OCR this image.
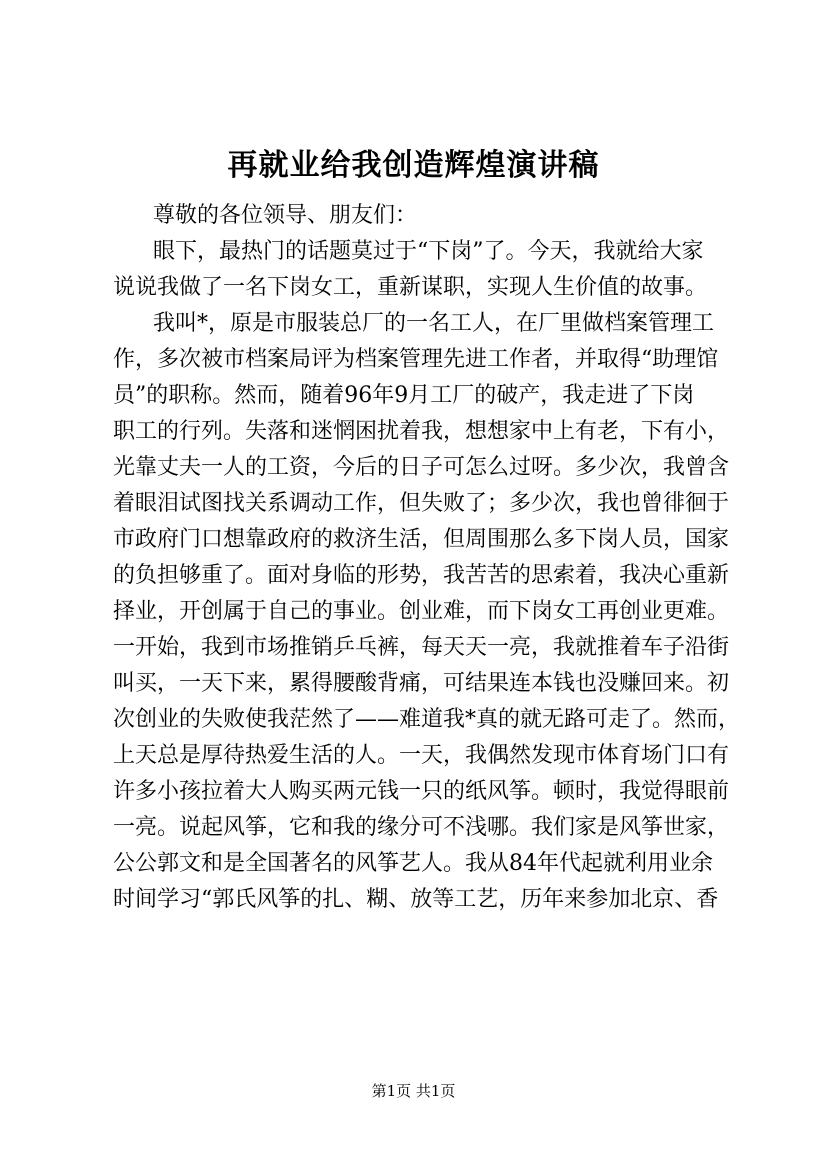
再就业给我创造辉煌演讲稿
尊敬的各位领导、朋友们：
眼下，最热门的话题莫过于“下岗”了。今天，我就给大家
说说我做了一名下岗女工，重新谋职，实现人生价值的故事。
我叫*，原是市服装总厂的一名工人，在厂里做档案管理工
作，多次被市档案局评为档案管理先进工作者，并取得“助理馆
员”的职称。然而，随着96年9月工厂的破产，我走进了下岗
职工的行列。失落和迷惘困扰着我，想想家中上有老，下有小，
光靠丈夫一人的工资，今后的日子可怎么过呀。多少次，我曾含
着眼泪试图找关系调动工作，但失败了；多少次，我也曾徘徊于
市政府门口想靠政府的救济生活，但周围那么多下岗人员，国家
的负担够重了。面对身临的形势，我苦苦的思索着，我决心重新
择业，开创属于自己的事业。创业难，而下岗女工再创业更难。
一开始，我到市场推销乒乓裤，每天天一亮，我就推着车子沿街
叫买，一天下来，累得腰酸背痛，可结果连本钱也没赚回来。初
次创业的失败使我茫然了——难道我*真的就无路可走了。然而，
上天总是厚待热爱生活的人。一天，我偶然发现市体育场门口有
许多小孩拉着大人购买两元钱一只的纸风筝。顿时，我觉得眼前
一亮。说起风筝，它和我的缘分可不浅哪。我们家是风筝世家，
公公郭文和是全国著名的风筝艺人。我从84年代起就利用业余
时间学习“郭氏风筝的扎、糊、放等工艺，历年来参加北京、香
第1页 共1页
